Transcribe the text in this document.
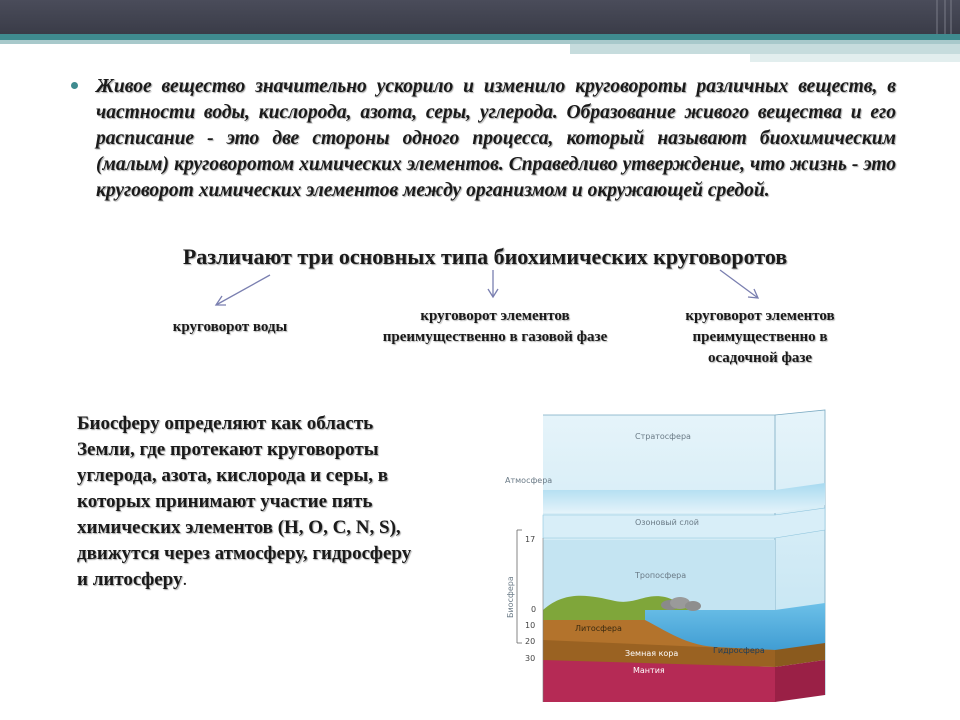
Живое вещество значительно ускорило и изменило круговороты различных веществ, в частности воды, кислорода, азота, серы, углерода. Образование живого вещества и его расписание - это две стороны одного процесса, который называют биохимическим (малым) круговоротом химических элементов. Справедливо утверждение, что жизнь - это круговорот химических элементов между организмом и окружающей средой.
Различают три основных типа биохимических круговоротов
круговорот воды
круговорот элементов преимущественно в газовой фазе
круговорот элементов преимущественно в осадочной фазе
Биосферу определяют как область Земли, где протекают круговороты углерода, азота, кислорода и серы, в которых принимают участие пять химических элементов (H, O, C, N, S), движутся через атмосферу, гидросферу и литосферу.
Стратосфера
Атмосфера
Озоновый слой
Тропосфера
Биосфера
Литосфера
Земная кора	Гидросфера
Мантия
17
0
10
20
30
